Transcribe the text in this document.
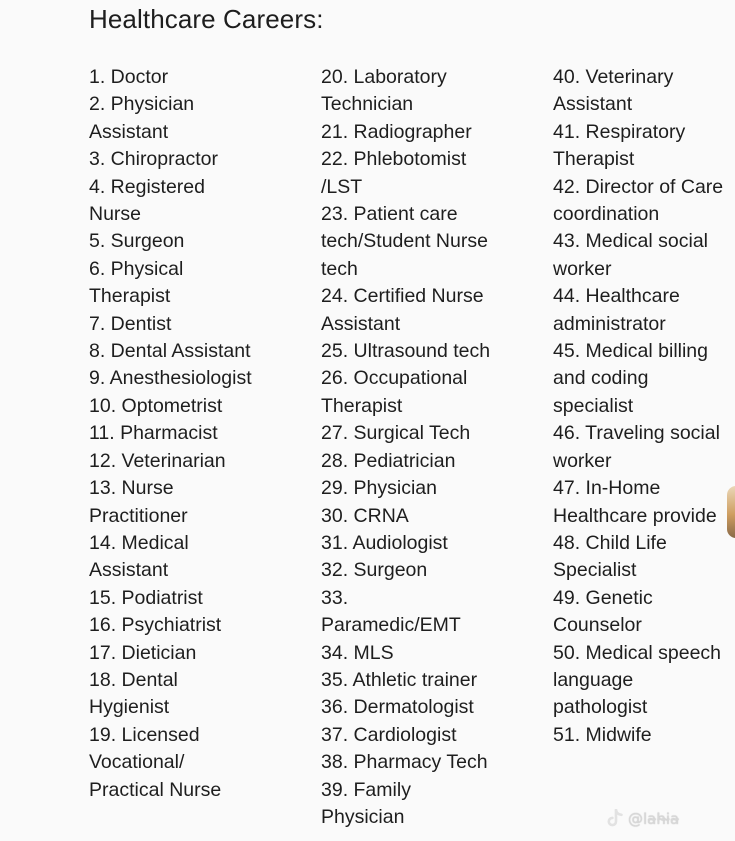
Healthcare Careers:
1. Doctor
2. Physician
Assistant
3. Chiropractor
4. Registered
Nurse
5. Surgeon
6. Physical
Therapist
7. Dentist
8. Dental Assistant
9. Anesthesiologist
10. Optometrist
11. Pharmacist
12. Veterinarian
13. Nurse
Practitioner
14. Medical
Assistant
15. Podiatrist
16. Psychiatrist
17. Dietician
18. Dental
Hygienist
19. Licensed
Vocational/
Practical Nurse
20. Laboratory
Technician
21. Radiographer
22. Phlebotomist
/LST
23. Patient care
tech/Student Nurse
tech
24. Certified Nurse
Assistant
25. Ultrasound tech
26. Occupational
Therapist
27. Surgical Tech
28. Pediatrician
29. Physician
30. CRNA
31. Audiologist
32. Surgeon
33.
Paramedic/EMT
34. MLS
35. Athletic trainer
36. Dermatologist
37. Cardiologist
38. Pharmacy Tech
39. Family
Physician
40. Veterinary
Assistant
41. Respiratory
Therapist
42. Director of Care
coordination
43. Medical social
worker
44. Healthcare
administrator
45. Medical billing
and coding
specialist
46. Traveling social
worker
47. In-Home
Healthcare provide
48. Child Life
Specialist
49. Genetic
Counselor
50. Medical speech
language
pathologist
51. Midwife
@la̴h̴i̴a̴
